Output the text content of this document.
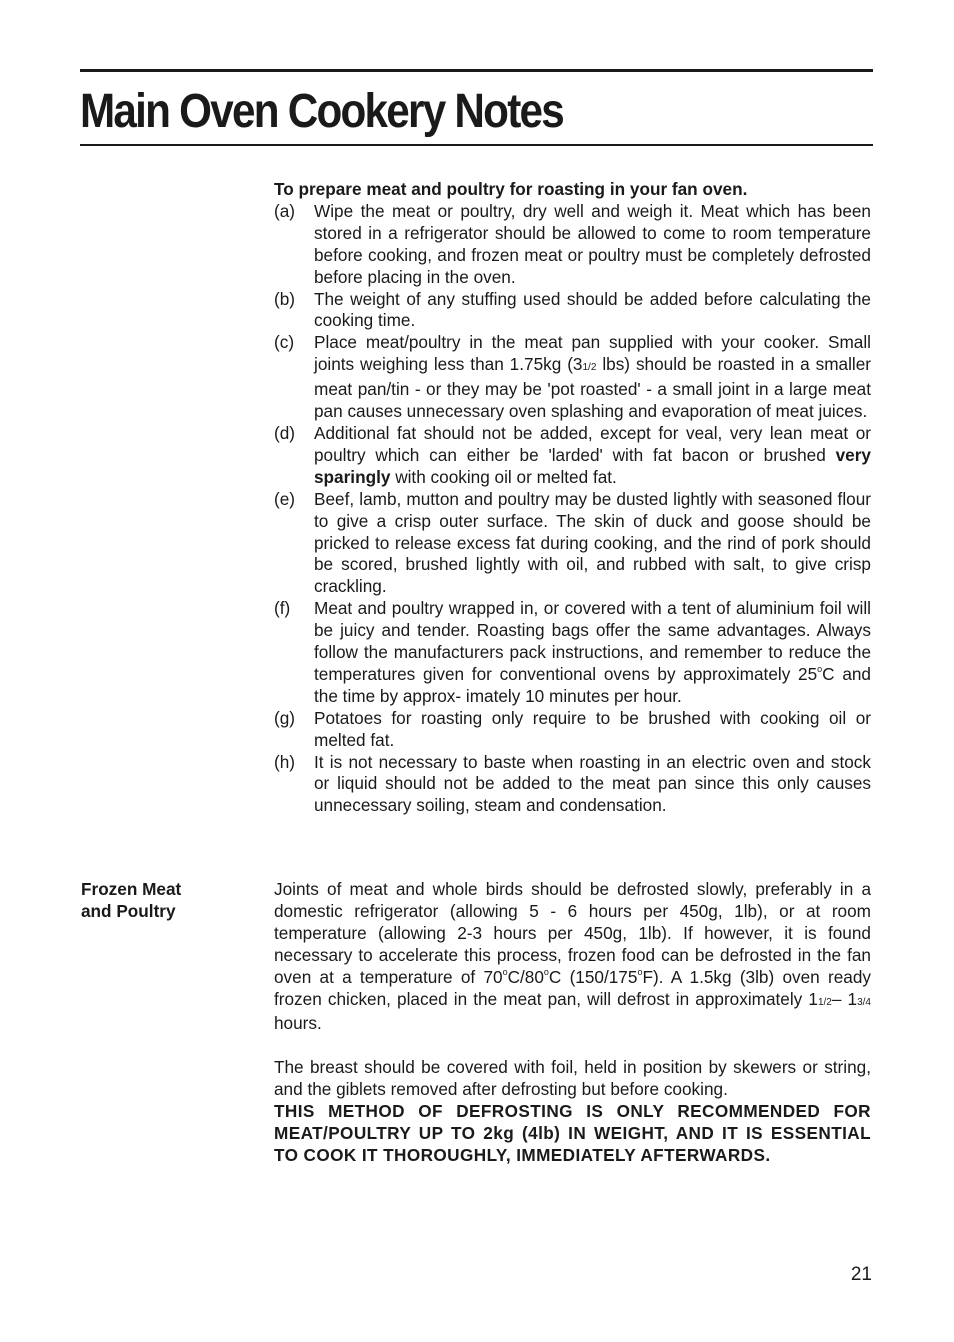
Main Oven Cookery Notes

To prepare meat and poultry for roasting in your fan oven.

(a)	Wipe the meat or poultry, dry well and weigh it. Meat which has been stored in a refrigerator should be allowed to come to room temperature before cooking, and frozen meat or poultry must be completely defrosted before placing in the oven.
(b)	The weight of any stuffing used should be added before calculating the cooking time.
(c)	Place meat/poultry in the meat pan supplied with your cooker. Small joints weighing less than 1.75kg (31/2 lbs) should be roasted in a smaller meat pan/tin - or they may be 'pot roasted' - a small joint in a large meat pan causes unnecessary oven splashing and evaporation of meat juices.
(d)	Additional fat should not be added, except for veal, very lean meat or poultry which can either be 'larded' with fat bacon or brushed very sparingly with cooking oil or melted fat.
(e)	Beef, lamb, mutton and poultry may be dusted lightly with seasoned flour to give a crisp outer surface. The skin of duck and goose should be pricked to release excess fat during cooking, and the rind of pork should be scored, brushed lightly with oil, and rubbed with salt, to give crisp crackling.
(f)	Meat and poultry wrapped in, or covered with a tent of aluminium foil will be juicy and tender. Roasting bags offer the same advantages. Always follow the manufacturers pack instructions, and remember to reduce the temperatures given for conventional ovens by approximately 25$^o$C and the time by approx- imately 10 minutes per hour.
(g)	Potatoes for roasting only require to be brushed with cooking oil or melted fat.
(h)	It is not necessary to baste when roasting in an electric oven and stock or liquid should not be added to the meat pan since this only causes unnecessary soiling, steam and condensation.
Frozen Meat
and Poultry

Joints of meat and whole birds should be defrosted slowly, preferably in a domestic refrigerator (allowing 5 - 6 hours per 450g, 1lb), or at room temperature (allowing 2-3 hours per 450g, 1lb). If however, it is found necessary to accelerate this process, frozen food can be defrosted in the fan oven at a temperature of 70$^o$C/80$^o$C (150/175$^o$F). A 1.5kg (3lb) oven ready frozen chicken, placed in the meat pan, will defrost in approximately 11/2– 13/4 hours.

The breast should be covered with foil, held in position by skewers or string, and the giblets removed after defrosting but before cooking.
THIS METHOD OF DEFROSTING IS ONLY RECOMMENDED FOR MEAT/POULTRY UP TO 2kg (4lb) IN WEIGHT, AND IT IS ESSENTIAL TO COOK IT THOROUGHLY, IMMEDIATELY AFTERWARDS.

21
